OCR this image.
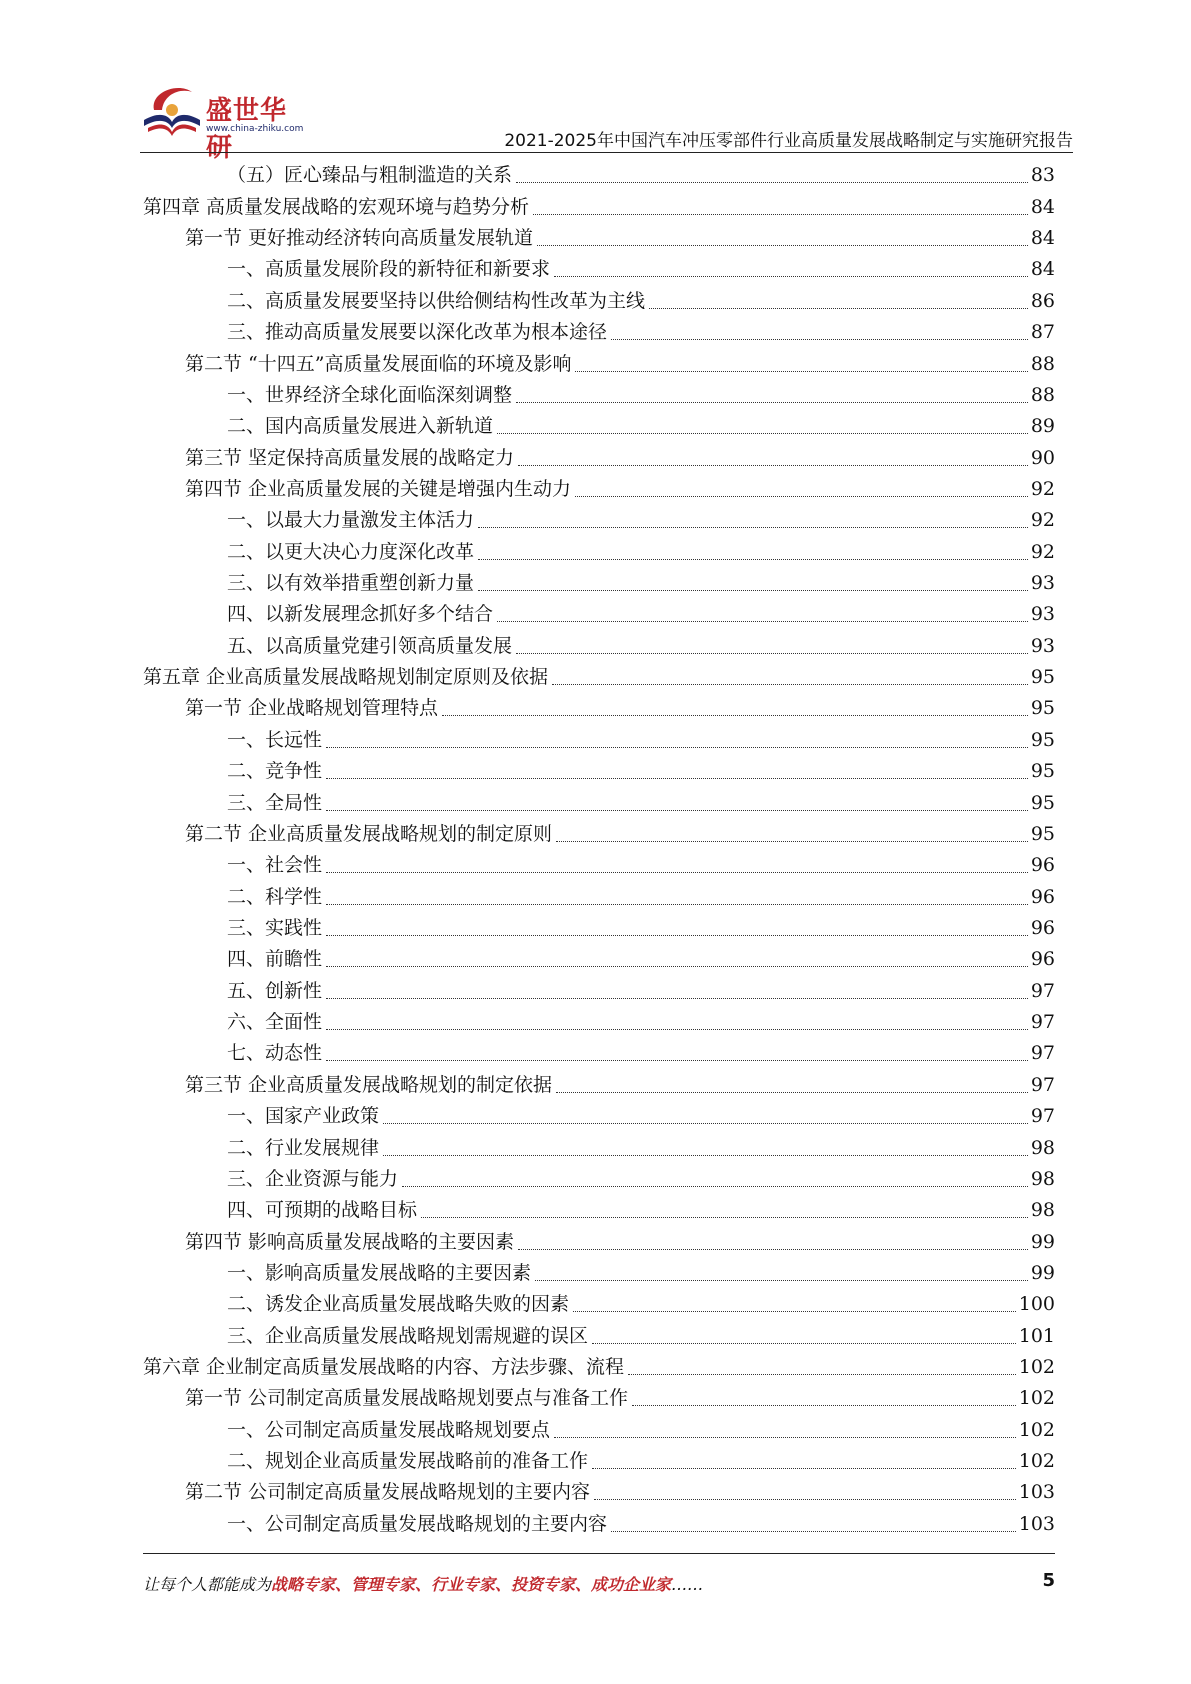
盛世华研
www.china-zhiku.com
2021-2025年中国汽车冲压零部件行业高质量发展战略制定与实施研究报告
（五）匠心臻品与粗制滥造的关系	83
第四章 高质量发展战略的宏观环境与趋势分析	84
第一节 更好推动经济转向高质量发展轨道	84
一、高质量发展阶段的新特征和新要求	84
二、高质量发展要坚持以供给侧结构性改革为主线	86
三、推动高质量发展要以深化改革为根本途径	87
第二节 “十四五”高质量发展面临的环境及影响	88
一、世界经济全球化面临深刻调整	88
二、国内高质量发展进入新轨道	89
第三节 坚定保持高质量发展的战略定力	90
第四节 企业高质量发展的关键是增强内生动力	92
一、以最大力量激发主体活力	92
二、以更大决心力度深化改革	92
三、以有效举措重塑创新力量	93
四、以新发展理念抓好多个结合	93
五、以高质量党建引领高质量发展	93
第五章 企业高质量发展战略规划制定原则及依据	95
第一节 企业战略规划管理特点	95
一、长远性	95
二、竞争性	95
三、全局性	95
第二节 企业高质量发展战略规划的制定原则	95
一、社会性	96
二、科学性	96
三、实践性	96
四、前瞻性	96
五、创新性	97
六、全面性	97
七、动态性	97
第三节 企业高质量发展战略规划的制定依据	97
一、国家产业政策	97
二、行业发展规律	98
三、企业资源与能力	98
四、可预期的战略目标	98
第四节 影响高质量发展战略的主要因素	99
一、影响高质量发展战略的主要因素	99
二、诱发企业高质量发展战略失败的因素	100
三、企业高质量发展战略规划需规避的误区	101
第六章 企业制定高质量发展战略的内容、方法步骤、流程	102
第一节 公司制定高质量发展战略规划要点与准备工作	102
一、公司制定高质量发展战略规划要点	102
二、规划企业高质量发展战略前的准备工作	102
第二节 公司制定高质量发展战略规划的主要内容	103
一、公司制定高质量发展战略规划的主要内容	103
让每个人都能成为战略专家、管理专家、行业专家、投资专家、成功企业家……	5
